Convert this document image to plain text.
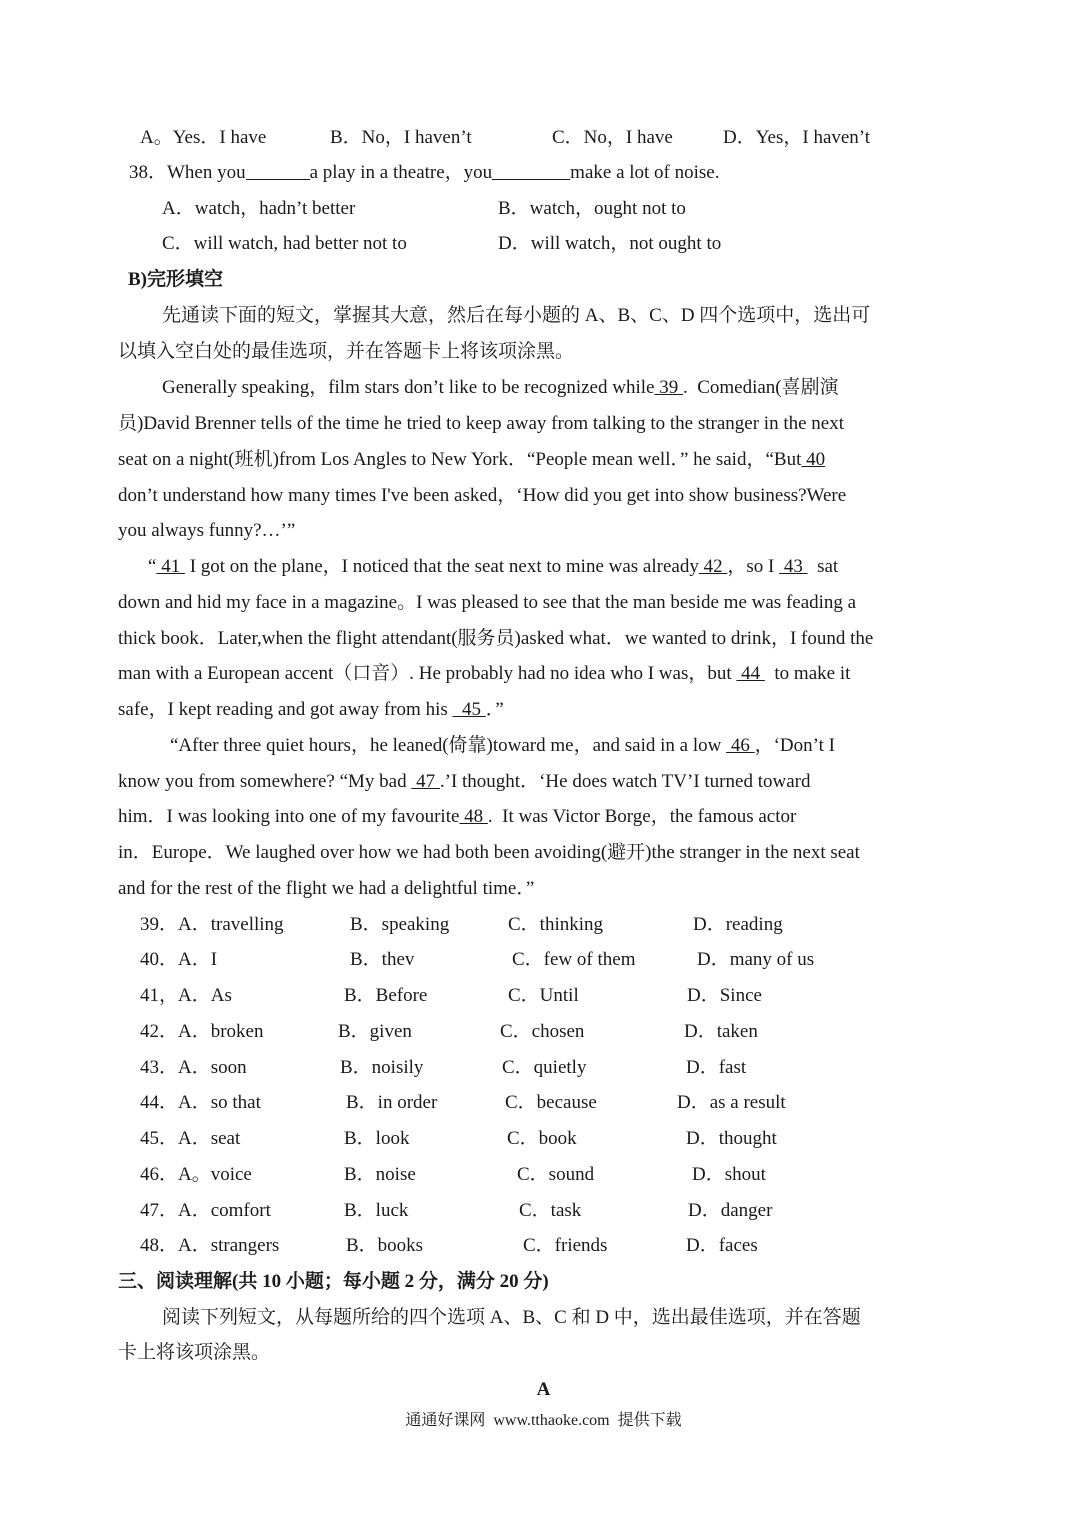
A。Yes．I have	B．No，I haven’t	C．No，I have	D．Yes，I haven’t
38．When you	a play in a theatre，you	make a lot of noise.
A．watch，hadn’t better	B．watch，ought not to
C．will watch, had better not to	D．will watch，not ought to
B)完形填空
先通读下面的短文，掌握其大意，然后在每小题的 A、B、C、D 四个选项中，选出可
以填入空白处的最佳选项，并在答题卡上将该项涂黑。
Generally speaking，film stars don’t like to be recognized while 39 .  Comedian(喜剧演
员)David Brenner tells of the time he tried to keep away from talking to the stranger in the next
seat on a night(班机)from Los Angles to New York．“People mean well．” he said，“But 40
don’t understand how many times I've been asked，‘How did you get into show business?Were
you always funny?…’”
“ 41  I got on the plane，I noticed that the seat next to mine was already 42 ，so I  43   sat
down and hid my face in a magazine。I was pleased to see that the man beside me was feading a
thick book．Later,when the flight attendant(服务员)asked what．we wanted to drink，I found the
man with a European accent（口音）. He probably had no idea who I was，but  44   to make it
safe，I kept reading and got away from his   45 ．”
“After three quiet hours，he leaned(倚靠)toward me，and said in a low  46 ，‘Don’t I
know you from somewhere? “My bad  47 .’I thought．‘He does watch TV’I turned toward
him．I was looking into one of my favourite 48 .  It was Victor Borge，the famous actor
in．Europe．We laughed over how we had both been avoiding(避开)the stranger in the next seat
and for the rest of the flight we had a delightful time．”
39．A．travelling	B．speaking	C．thinking	D．reading
40．A．I	B．thev	C．few of them	D．many of us
41，A．As	B．Before	C．Until	D．Since
42．A．broken	B．given	C．chosen	D．taken
43．A．soon	B．noisily	C．quietly	D．fast
44．A．so that	B．in order	C．because	D．as a result
45．A．seat	B．look	C．book	D．thought
46．A。voice	B．noise	C．sound	D．shout
47．A．comfort	B．luck	C．task	D．danger
48．A．strangers	B．books	C．friends	D．faces
三、阅读理解(共 10 小题；每小题 2 分，满分 20 分)
阅读下列短文，从每题所给的四个选项 A、B、C 和 D 中，选出最佳选项，并在答题
卡上将该项涂黑。
A
通通好课网  www.tthaoke.com  提供下载
